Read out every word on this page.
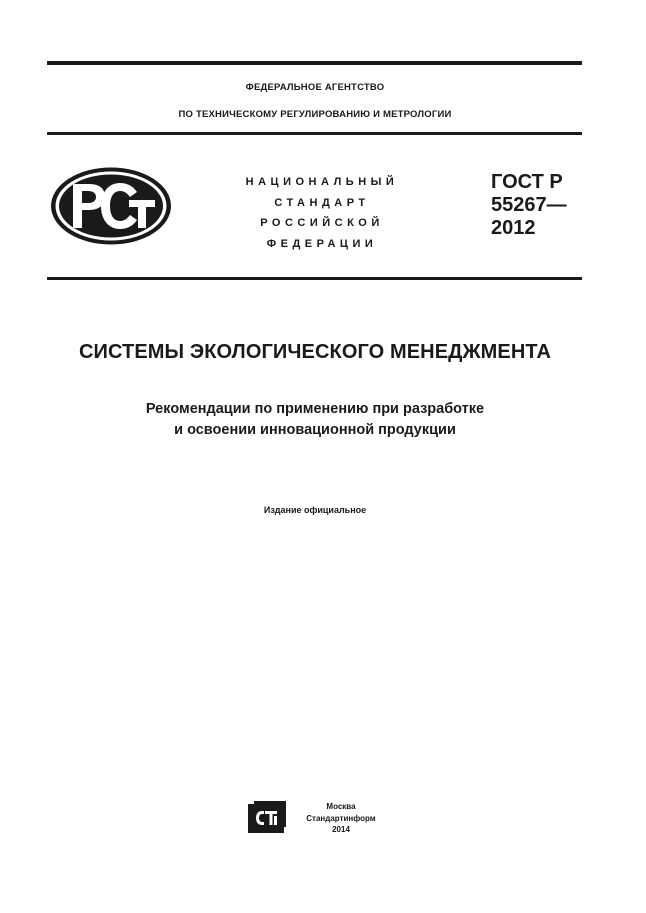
ФЕДЕРАЛЬНОЕ АГЕНТСТВО
ПО ТЕХНИЧЕСКОМУ РЕГУЛИРОВАНИЮ И МЕТРОЛОГИИ
НАЦИОНАЛЬНЫЙ
СТАНДАРТ
РОССИЙСКОЙ
ФЕДЕРАЦИИ
ГОСТ Р
55267—
2012
СИСТЕМЫ ЭКОЛОГИЧЕСКОГО МЕНЕДЖМЕНТА
Рекомендации по применению при разработке
и освоении инновационной продукции
Издание официальное
Москва
Стандартинформ
2014
